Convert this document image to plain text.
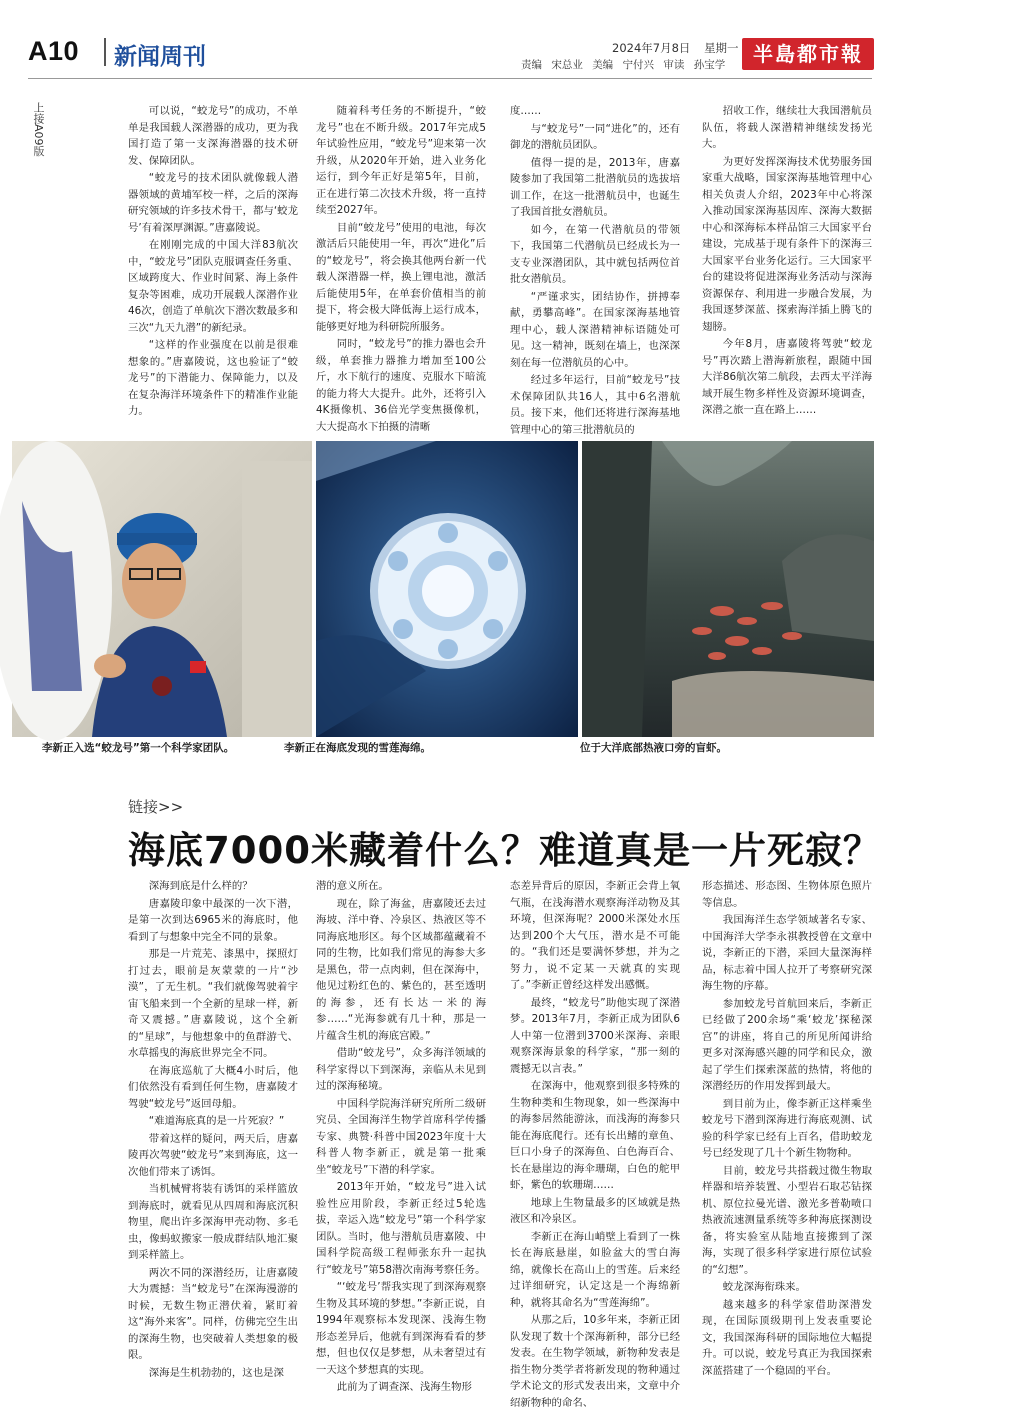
A10 新闻周刊	2024年7月8日 星期一
责编 宋总业 美编 宁付兴 审读 孙宝学	半島都市報
上接A09版	可以说，“蛟龙号”的成功，不单单是我国载人深潜器的成功，更为我国打造了第一支深海潜器的技术研发、保障团队。

“蛟龙号的技术团队就像载人潜器领域的黄埔军校一样，之后的深海研究领域的许多技术骨干，都与‘蛟龙号’有着深厚渊源。”唐嘉陵说。

在刚刚完成的中国大洋83航次中，“蛟龙号”团队克服调查任务重、区域跨度大、作业时间紧、海上条件复杂等困难，成功开展载人深潜作业46次，创造了单航次下潜次数最多和三次“九天九潜”的新纪录。

“这样的作业强度在以前是很难想象的。”唐嘉陵说，这也验证了“蛟龙号”的下潜能力、保障能力，以及在复杂海洋环境条件下的精准作业能力。

随着科考任务的不断提升，“蛟龙号”也在不断升级。2017年完成5年试验性应用，“蛟龙号”迎来第一次升级，从2020年开始，进入业务化运行，到今年正好是第5年，目前，正在进行第二次技术升级，将一直持续至2027年。

目前“蛟龙号”使用的电池，每次激活后只能使用一年，再次“进化”后的“蛟龙号”，将会换其他两台新一代载人深潜器一样，换上锂电池，激活后能使用5年，在单套价值相当的前提下，将会极大降低海上运行成本，能够更好地为科研院所服务。

同时，“蛟龙号”的推力器也会升级，单套推力器推力增加至100公斤，水下航行的速度、克服水下暗流的能力将大大提升。此外，还将引入4K摄像机、36倍光学变焦摄像机，大大提高水下拍摄的清晰

度……

与“蛟龙号”一同“进化”的，还有御龙的潜航员团队。

值得一提的是，2013年，唐嘉陵参加了我国第二批潜航员的选拔培训工作，在这一批潜航员中，也诞生了我国首批女潜航员。

如今，在第一代潜航员的带领下，我国第二代潜航员已经成长为一支专业深潜团队，其中就包括两位首批女潜航员。

“严谨求实，团结协作，拼搏奉献，勇攀高峰”。在国家深海基地管理中心，载人深潜精神标语随处可见。这一精神，既刻在墙上，也深深刻在每一位潜航员的心中。

经过多年运行，目前“蛟龙号”技术保障团队共16人，其中6名潜航员。接下来，他们还将进行深海基地管理中心的第三批潜航员的

招收工作，继续壮大我国潜航员队伍，将载人深潜精神继续发扬光大。

为更好发挥深海技术优势服务国家重大战略，国家深海基地管理中心相关负责人介绍，2023年中心将深入推动国家深海基因库、深海大数据中心和深海标本样品馆三大国家平台建设，完成基于现有条件下的深海三大国家平台业务化运行。三大国家平台的建设将促进深海业务活动与深海资源保存、利用进一步融合发展，为我国逐梦深蓝、探索海洋插上腾飞的翅膀。

今年8月，唐嘉陵将驾驶“蛟龙号”再次踏上潜海新旅程，跟随中国大洋86航次第二航段，去西太平洋海域开展生物多样性及资源环境调查，深潜之旅一直在路上……

李新正入选“蛟龙号”第一个科学家团队。	李新正在海底发现的雪莲海绵。	位于大洋底部热液口旁的盲虾。
链接>>
海底7000米藏着什么？难道真是一片死寂？

深海到底是什么样的？

唐嘉陵印象中最深的一次下潜，是第一次到达6965米的海底时，他看到了与想象中完全不同的景象。

那是一片荒芜、漆黑中，探照灯打过去，眼前是灰蒙蒙的一片“沙漠”，了无生机。“我们就像驾驶着宇宙飞船来到一个全新的星球一样，新奇又震撼。”唐嘉陵说，这个全新的“星球”，与他想象中的鱼群游弋、水草摇曳的海底世界完全不同。

在海底巡航了大概4小时后，他们依然没有看到任何生物，唐嘉陵才驾驶“蛟龙号”返回母船。

“难道海底真的是一片死寂？”

带着这样的疑问，两天后，唐嘉陵再次驾驶“蛟龙号”来到海底，这一次他们带来了诱饵。

当机械臂将装有诱饵的采样篮放到海底时，就看见从四周和海底沉积物里，爬出许多深海甲壳动物、多毛虫，像蚂蚁搬家一般成群结队地汇聚到采样篮上。

两次不同的深潜经历，让唐嘉陵大为震撼：当“蛟龙号”在深海漫游的时候，无数生物正潜伏着，紧盯着这“海外来客”。同样，仿佛完空生出的深海生物，也突破着人类想象的极限。

深海是生机勃勃的，这也是深

潜的意义所在。

现在，除了海盆，唐嘉陵还去过海坡、洋中脊、冷泉区、热液区等不同海底地形区。每个区域都蕴藏着不同的生物，比如我们常见的海参大多是黑色，带一点肉刺，但在深海中，他见过粉红色的、紫色的，甚至透明的海参，还有长达一米的海参……“光海参就有几十种，那是一片蕴含生机的海底宫殿。”

借助“蛟龙号”，众多海洋领域的科学家得以下到深海，亲临从未见到过的深海秘境。

中国科学院海洋研究所所二级研究员、全国海洋生物学首席科学传播专家、典赞·科普中国2023年度十大科普人物李新正，就是第一批乘坐“蛟龙号”下潜的科学家。

2013年开始，“蛟龙号”进入试验性应用阶段，李新正经过5轮选拔，幸运入选“蛟龙号”第一个科学家团队。当时，他与潜航员唐嘉陵、中国科学院高级工程师张东升一起执行“蛟龙号”第58潜次南海考察任务。

“‘蛟龙号’帮我实现了到深海观察生物及其环境的梦想。”李新正说，自1994年观察标本发现深、浅海生物形态差异后，他就有到深海看看的梦想，但也仅仅是梦想，从未奢望过有一天这个梦想真的实现。

此前为了调查深、浅海生物形

态差异背后的原因，李新正会背上氧气瓶，在浅海潜水观察海洋动物及其环境，但深海呢？2000米深处水压达到200个大气压，潜水是不可能的。“我们还是要满怀梦想，并为之努力，说不定某一天就真的实现了。”李新正曾经这样发出感慨。

最终，“蛟龙号”助他实现了深潜梦。2013年7月，李新正成为团队6人中第一位潜到3700米深海、亲眼观察深海景象的科学家，“那一刻的震撼无以言表。”

在深海中，他观察到很多特殊的生物种类和生物现象，如一些深海中的海参居然能游泳，而浅海的海参只能在海底爬行。还有长出鳍的章鱼、巨口小身子的深海鱼、白色海百合、长在悬崖边的海伞珊瑚，白色的舵甲虾，紫色的软珊瑚……

地球上生物量最多的区域就是热液区和冷泉区。

李新正在海山峭壁上看到了一株长在海底悬崖，如脸盆大的雪白海绵，就像长在高山上的雪莲。后来经过详细研究，认定这是一个海绵新种，就将其命名为“雪莲海绵”。

从那之后，10多年来，李新正团队发现了数十个深海新种，部分已经发表。在生物学领域，新物种发表是指生物分类学者将新发现的物种通过学术论文的形式发表出来，文章中介绍新物种的命名、

形态描述、形态图、生物体原色照片等信息。

我国海洋生态学领域著名专家、中国海洋大学李永祺教授曾在文章中说，李新正的下潜，采回大量深海样品，标志着中国人拉开了考察研究深海生物的序幕。

参加蛟龙号首航回来后，李新正已经做了200余场“乘‘蛟龙’探秘深宫”的讲座，将自己的所见所闻讲给更多对深海感兴趣的同学和民众，激起了学生们探索深蓝的热情，将他的深潜经历的作用发挥到最大。

到目前为止，像李新正这样乘坐蛟龙号下潜到深海进行海底观测、试验的科学家已经有上百名，借助蛟龙号已经发现了几十个新生物物种。

目前，蛟龙号共搭载过微生物取样器和培养装置、小型岩石取芯钻探机、原位拉曼光谱、激光多普勒喷口热液流速测量系统等多种海底探测设备，将实验室从陆地直接搬到了深海，实现了很多科学家进行原位试验的“幻想”。

蛟龙深海衔珠来。

越来越多的科学家借助深潜发现，在国际顶级期刊上发表重要论文，我国深海科研的国际地位大幅提升。可以说，蛟龙号真正为我国探索深蓝搭建了一个稳固的平台。
